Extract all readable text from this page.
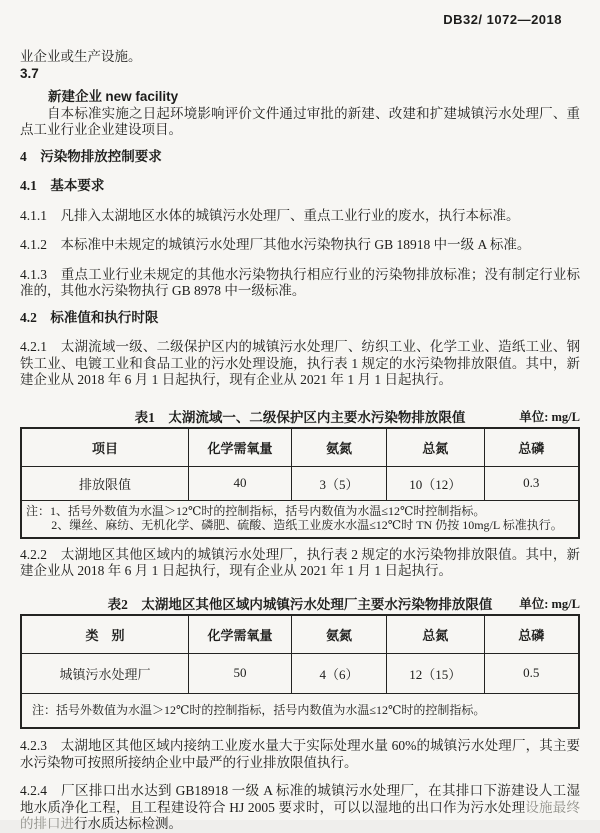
DB32/ 1072—2018

业企业或生产设施。

3.7

新建企业 new facility

自本标准实施之日起环境影响评价文件通过审批的新建、改建和扩建城镇污水处理厂、重点工业行业企业建设项目。

4　污染物排放控制要求

4.1　基本要求

4.1.1　凡排入太湖地区水体的城镇污水处理厂、重点工业行业的废水，执行本标准。

4.1.2　本标准中未规定的城镇污水处理厂其他水污染物执行 GB 18918 中一级 A 标准。

4.1.3　重点工业行业未规定的其他水污染物执行相应行业的污染物排放标准；没有制定行业标准的，其他水污染物执行 GB 8978 中一级标准。

4.2　标准值和执行时限

4.2.1　太湖流域一级、二级保护区内的城镇污水处理厂、纺织工业、化学工业、造纸工业、钢铁工业、电镀工业和食品工业的污水处理设施，执行表 1 规定的水污染物排放限值。其中，新建企业从 2018 年 6 月 1 日起执行，现有企业从 2021 年 1 月 1 日起执行。

表1　太湖流域一、二级保护区内主要水污染物排放限值	单位: mg/L
项目	化学需氧量	氨氮	总氮	总磷
排放限值	40	3（5）	10（12）	0.3

注：1、括号外数值为水温＞12℃时的控制指标，括号内数值为水温≤12℃时控制指标。
2、缫丝、麻纺、无机化学、磷肥、硫酸、造纸工业废水水温≤12℃时 TN 仍按 10mg/L 标准执行。				

4.2.2　太湖地区其他区域内的城镇污水处理厂，执行表 2 规定的水污染物排放限值。其中，新建企业从 2018 年 6 月 1 日起执行，现有企业从 2021 年 1 月 1 日起执行。

表2　太湖地区其他区域内城镇污水处理厂主要水污染物排放限值 单位: mg/L
类　别	化学需氧量	氨氮	总氮	总磷
城镇污水处理厂	50	4（6）	12（15）	0.5
注：括号外数值为水温＞12℃时的控制指标，括号内数值为水温≤12℃时的控制指标。				

4.2.3　太湖地区其他区域内接纳工业废水量大于实际处理水量 60%的城镇污水处理厂，其主要水污染物可按照所接纳企业中最严的行业排放限值执行。

4.2.4　厂区排口出水达到 GB18918 一级 A 标准的城镇污水处理厂，在其排口下游建设人工湿地水质净化工程，且工程建设符合 HJ 2005 要求时，可以以湿地的出口作为污水处理设施最终的排口进行水质达标检测。
